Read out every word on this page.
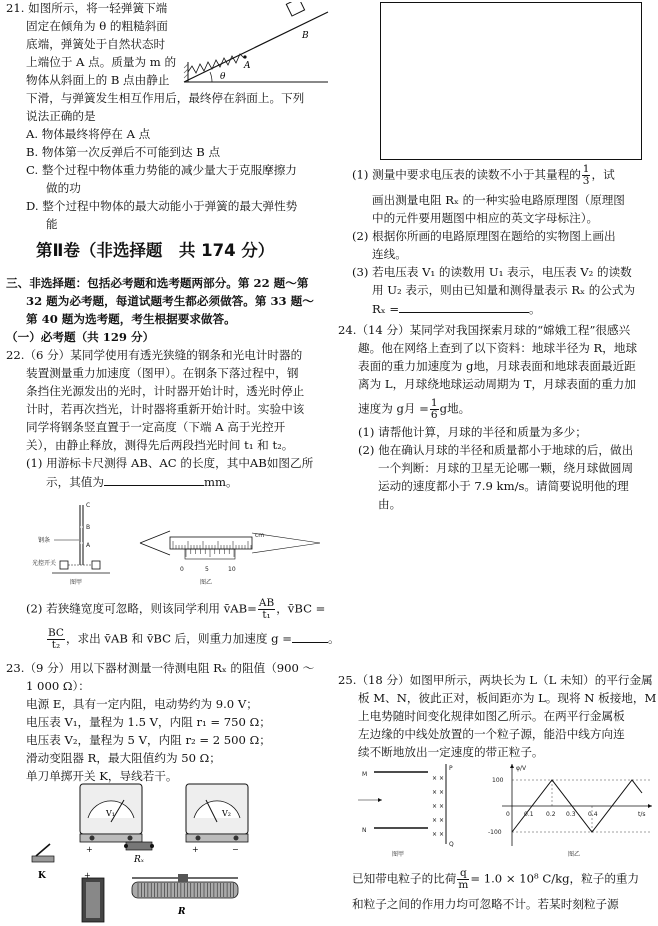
21. 如图所示，将一轻弹簧下端
固定在倾角为 θ 的粗糙斜面
底端，弹簧处于自然状态时
上端位于 A 点。质量为 m 的
物体从斜面上的 B 点由静止
下滑，与弹簧发生相互作用后，最终停在斜面上。下列
说法正确的是
A. 物体最终将停在 A 点
B. 物体第一次反弹后不可能到达 B 点
C. 整个过程中物体重力势能的减少量大于克服摩擦力
做的功
D. 整个过程中物体的最大动能小于弹簧的最大弹性势
能
A
θ
B
第Ⅱ卷（非选择题　共 174 分）
三、非选择题：包括必考题和选考题两部分。第 22 题～第
32 题为必考题，每道试题考生都必须做答。第 33 题～
第 40 题为选考题，考生根据要求做答。
（一）必考题（共 129 分）
22.（6 分）某同学使用有透光狭缝的钢条和光电计时器的
装置测量重力加速度（图甲）。在钢条下落过程中，钢
条挡住光源发出的光时，计时器开始计时，透光时停止
计时，若再次挡光，计时器将重新开始计时。实验中该
同学将钢条竖直置于一定高度（下端 A 高于光控开
关），由静止释放，测得先后两段挡光时间 t₁ 和 t₂。
(1) 用游标卡尺测得 AB、AC 的长度，其中AB如图乙所
示，其值为	mm。
C
B
A
钢条
光控开关
图甲
0	5	10
cm
图乙
(2) 若狭缝宽度可忽略，则该同学利用 v̄AB= $\frac{AB}{\text{t₁}}$ ，v̄BC =
$\frac{BC}{\text{t₂}}$ ，求出 v̄AB 和 v̄BC 后，则重力加速度 g =	。
23.（9 分）用以下器材测量一待测电阻 Rₓ 的阻值（900 ～
1 000 Ω）：
电源 E，具有一定内阻，电动势约为 9.0 V；
电压表 V₁，量程为 1.5 V，内阻 r₁ = 750 Ω；
电压表 V₂，量程为 5 V，内阻 r₂ = 2 500 Ω；
滑动变阻器 R，最大阻值约为 50 Ω；
单刀单掷开关 K，导线若干。
V₁
+
V₂
+	−
K
Rₓ
+
R
(1) 测量中要求电压表的读数不小于其量程的 $\frac{1}{3}$ ，试
画出测量电阻 Rₓ 的一种实验电路原理图（原理图
中的元件要用题图中相应的英文字母标注）。
(2) 根据你所画的电路原理图在题给的实物图上画出
连线。
(3) 若电压表 V₁ 的读数用 U₁ 表示，电压表 V₂ 的读数
用 U₂ 表示，则由已知量和测得量表示 Rₓ 的公式为
Rₓ =	。
24.（14 分）某同学对我国探索月球的“嫦娥工程”很感兴
趣。他在网络上查到了以下资料：地球半径为 R，地球
表面的重力加速度为 g地，月球表面和地球表面最近距
离为 L，月球绕地球运动周期为 T，月球表面的重力加
速度为 g月 = $\frac{1}{6}$ g地。
(1) 请帮他计算，月球的半径和质量为多少；
(2) 他在确认月球的半径和质量都小于地球的后，做出
一个判断：月球的卫星无论哪一颗，绕月球做圆周
运动的速度都小于 7.9 km/s。请简要说明他的理
由。
25.（18 分）如图甲所示，两块长为 L（L 未知）的平行金属
板 M、N，彼此正对，板间距亦为 L。现将 N 板接地，M
上电势随时间变化规律如图乙所示。在两平行金属板
左边缘的中线处放置的一个粒子源，能沿中线方向连
续不断地放出一定速度的带正粒子。
M
N
P
Q
× ×
× ×
× ×
× ×
× ×
图甲
φ/V
100
-100
t/s
0 0.1 0.2 0.3 0.4
图乙
已知带电粒子的比荷 $\frac{q}{m} = 1.0 \times 10^8$ C/kg，粒子的重力
和粒子之间的作用力均可忽略不计。若某时刻粒子源
